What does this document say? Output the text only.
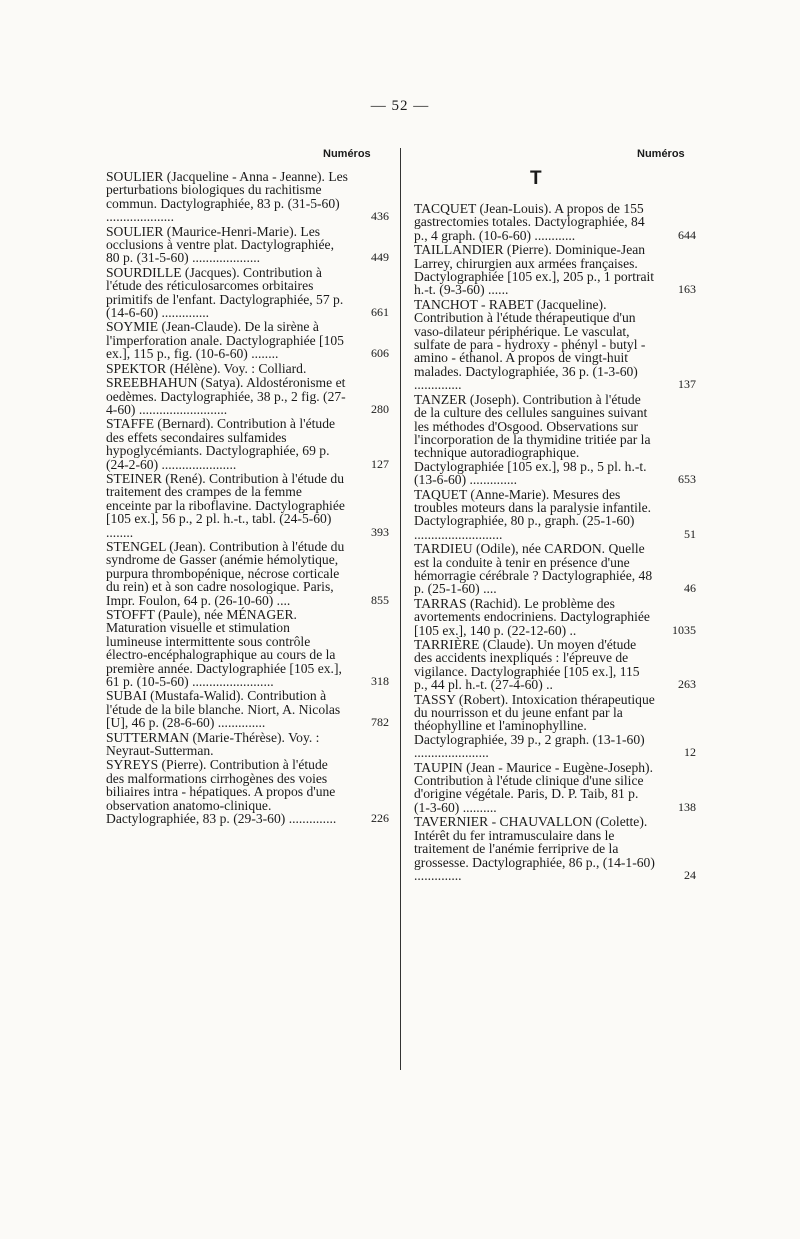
— 52 —
Numéros	Numéros
SOULIER (Jacqueline - Anna - Jeanne). Les perturbations biologiques du rachitisme commun. Dactylographiée, 83 p. (31-5-60) ....................	436
SOULIER (Maurice-Henri-Marie). Les occlusions à ventre plat. Dactylographiée, 80 p. (31-5-60) ....................	449
SOURDILLE (Jacques). Contribution à l'étude des réticulosarcomes orbitaires primitifs de l'enfant. Dactylographiée, 57 p. (14-6-60) ..............	661
SOYMIE (Jean-Claude). De la sirène à l'imperforation anale. Dactylographiée [105 ex.], 115 p., fig. (10-6-60) ........	606
SPEKTOR (Hélène). Voy. : Colliard.
SREEBHAHUN (Satya). Aldostéronisme et oedèmes. Dactylographiée, 38 p., 2 fig. (27-4-60) ..........................	280
STAFFE (Bernard). Contribution à l'étude des effets secondaires sulfamides hypoglycémiants. Dactylographiée, 69 p. (24-2-60) ......................	127
STEINER (René). Contribution à l'étude du traitement des crampes de la femme enceinte par la riboflavine. Dactylographiée [105 ex.], 56 p., 2 pl. h.-t., tabl. (24-5-60) ........	393
STENGEL (Jean). Contribution à l'étude du syndrome de Gasser (anémie hémolytique, purpura thrombopénique, nécrose corticale du rein) et à son cadre nosologique. Paris, Impr. Foulon, 64 p. (26-10-60) ....	855
STOFFT (Paule), née MÉNAGER. Maturation visuelle et stimulation lumineuse intermittente sous contrôle électro-encéphalographique au cours de la première année. Dactylographiée [105 ex.], 61 p. (10-5-60) ........................	318
SUBAI (Mustafa-Walid). Contribution à l'étude de la bile blanche. Niort, A. Nicolas [U], 46 p. (28-6-60) ..............	782
SUTTERMAN (Marie-Thérèse). Voy. : Neyraut-Sutterman.
SYREYS (Pierre). Contribution à l'étude des malformations cirrhogènes des voies biliaires intra - hépatiques. A propos d'une observation anatomo-clinique. Dactylographiée, 83 p. (29-3-60) ..............	226
T
TACQUET (Jean-Louis). A propos de 155 gastrectomies totales. Dactylographiée, 84 p., 4 graph. (10-6-60) ............	644
TAILLANDIER (Pierre). Dominique-Jean Larrey, chirurgien aux armées françaises. Dactylographiée [105 ex.], 205 p., 1 portrait h.-t. (9-3-60) ......	163
TANCHOT - RABET (Jacqueline). Contribution à l'étude thérapeutique d'un vaso-dilateur périphérique. Le vasculat, sulfate de para - hydroxy - phényl - butyl - amino - éthanol. A propos de vingt-huit malades. Dactylographiée, 36 p. (1-3-60) ..............	137
TANZER (Joseph). Contribution à l'étude de la culture des cellules sanguines suivant les méthodes d'Osgood. Observations sur l'incorporation de la thymidine tritiée par la technique autoradiographique. Dactylographiée [105 ex.], 98 p., 5 pl. h.-t. (13-6-60) ..............	653
TAQUET (Anne-Marie). Mesures des troubles moteurs dans la paralysie infantile. Dactylographiée, 80 p., graph. (25-1-60) ..........................	51
TARDIEU (Odile), née CARDON. Quelle est la conduite à tenir en présence d'une hémorragie cérébrale ? Dactylographiée, 48 p. (25-1-60) ....	46
TARRAS (Rachid). Le problème des avortements endocriniens. Dactylographiée [105 ex.], 140 p. (22-12-60) ..	1035
TARRIÈRE (Claude). Un moyen d'étude des accidents inexpliqués : l'épreuve de vigilance. Dactylographiée [105 ex.], 115 p., 44 pl. h.-t. (27-4-60) ..	263
TASSY (Robert). Intoxication thérapeutique du nourrisson et du jeune enfant par la théophylline et l'aminophylline. Dactylographiée, 39 p., 2 graph. (13-1-60) ......................	12
TAUPIN (Jean - Maurice - Eugène-Joseph). Contribution à l'étude clinique d'une silice d'origine végétale. Paris, D. P. Taib, 81 p. (1-3-60) ..........	138
TAVERNIER - CHAUVALLON (Colette). Intérêt du fer intramusculaire dans le traitement de l'anémie ferriprive de la grossesse. Dactylographiée, 86 p., (14-1-60) ..............	24
